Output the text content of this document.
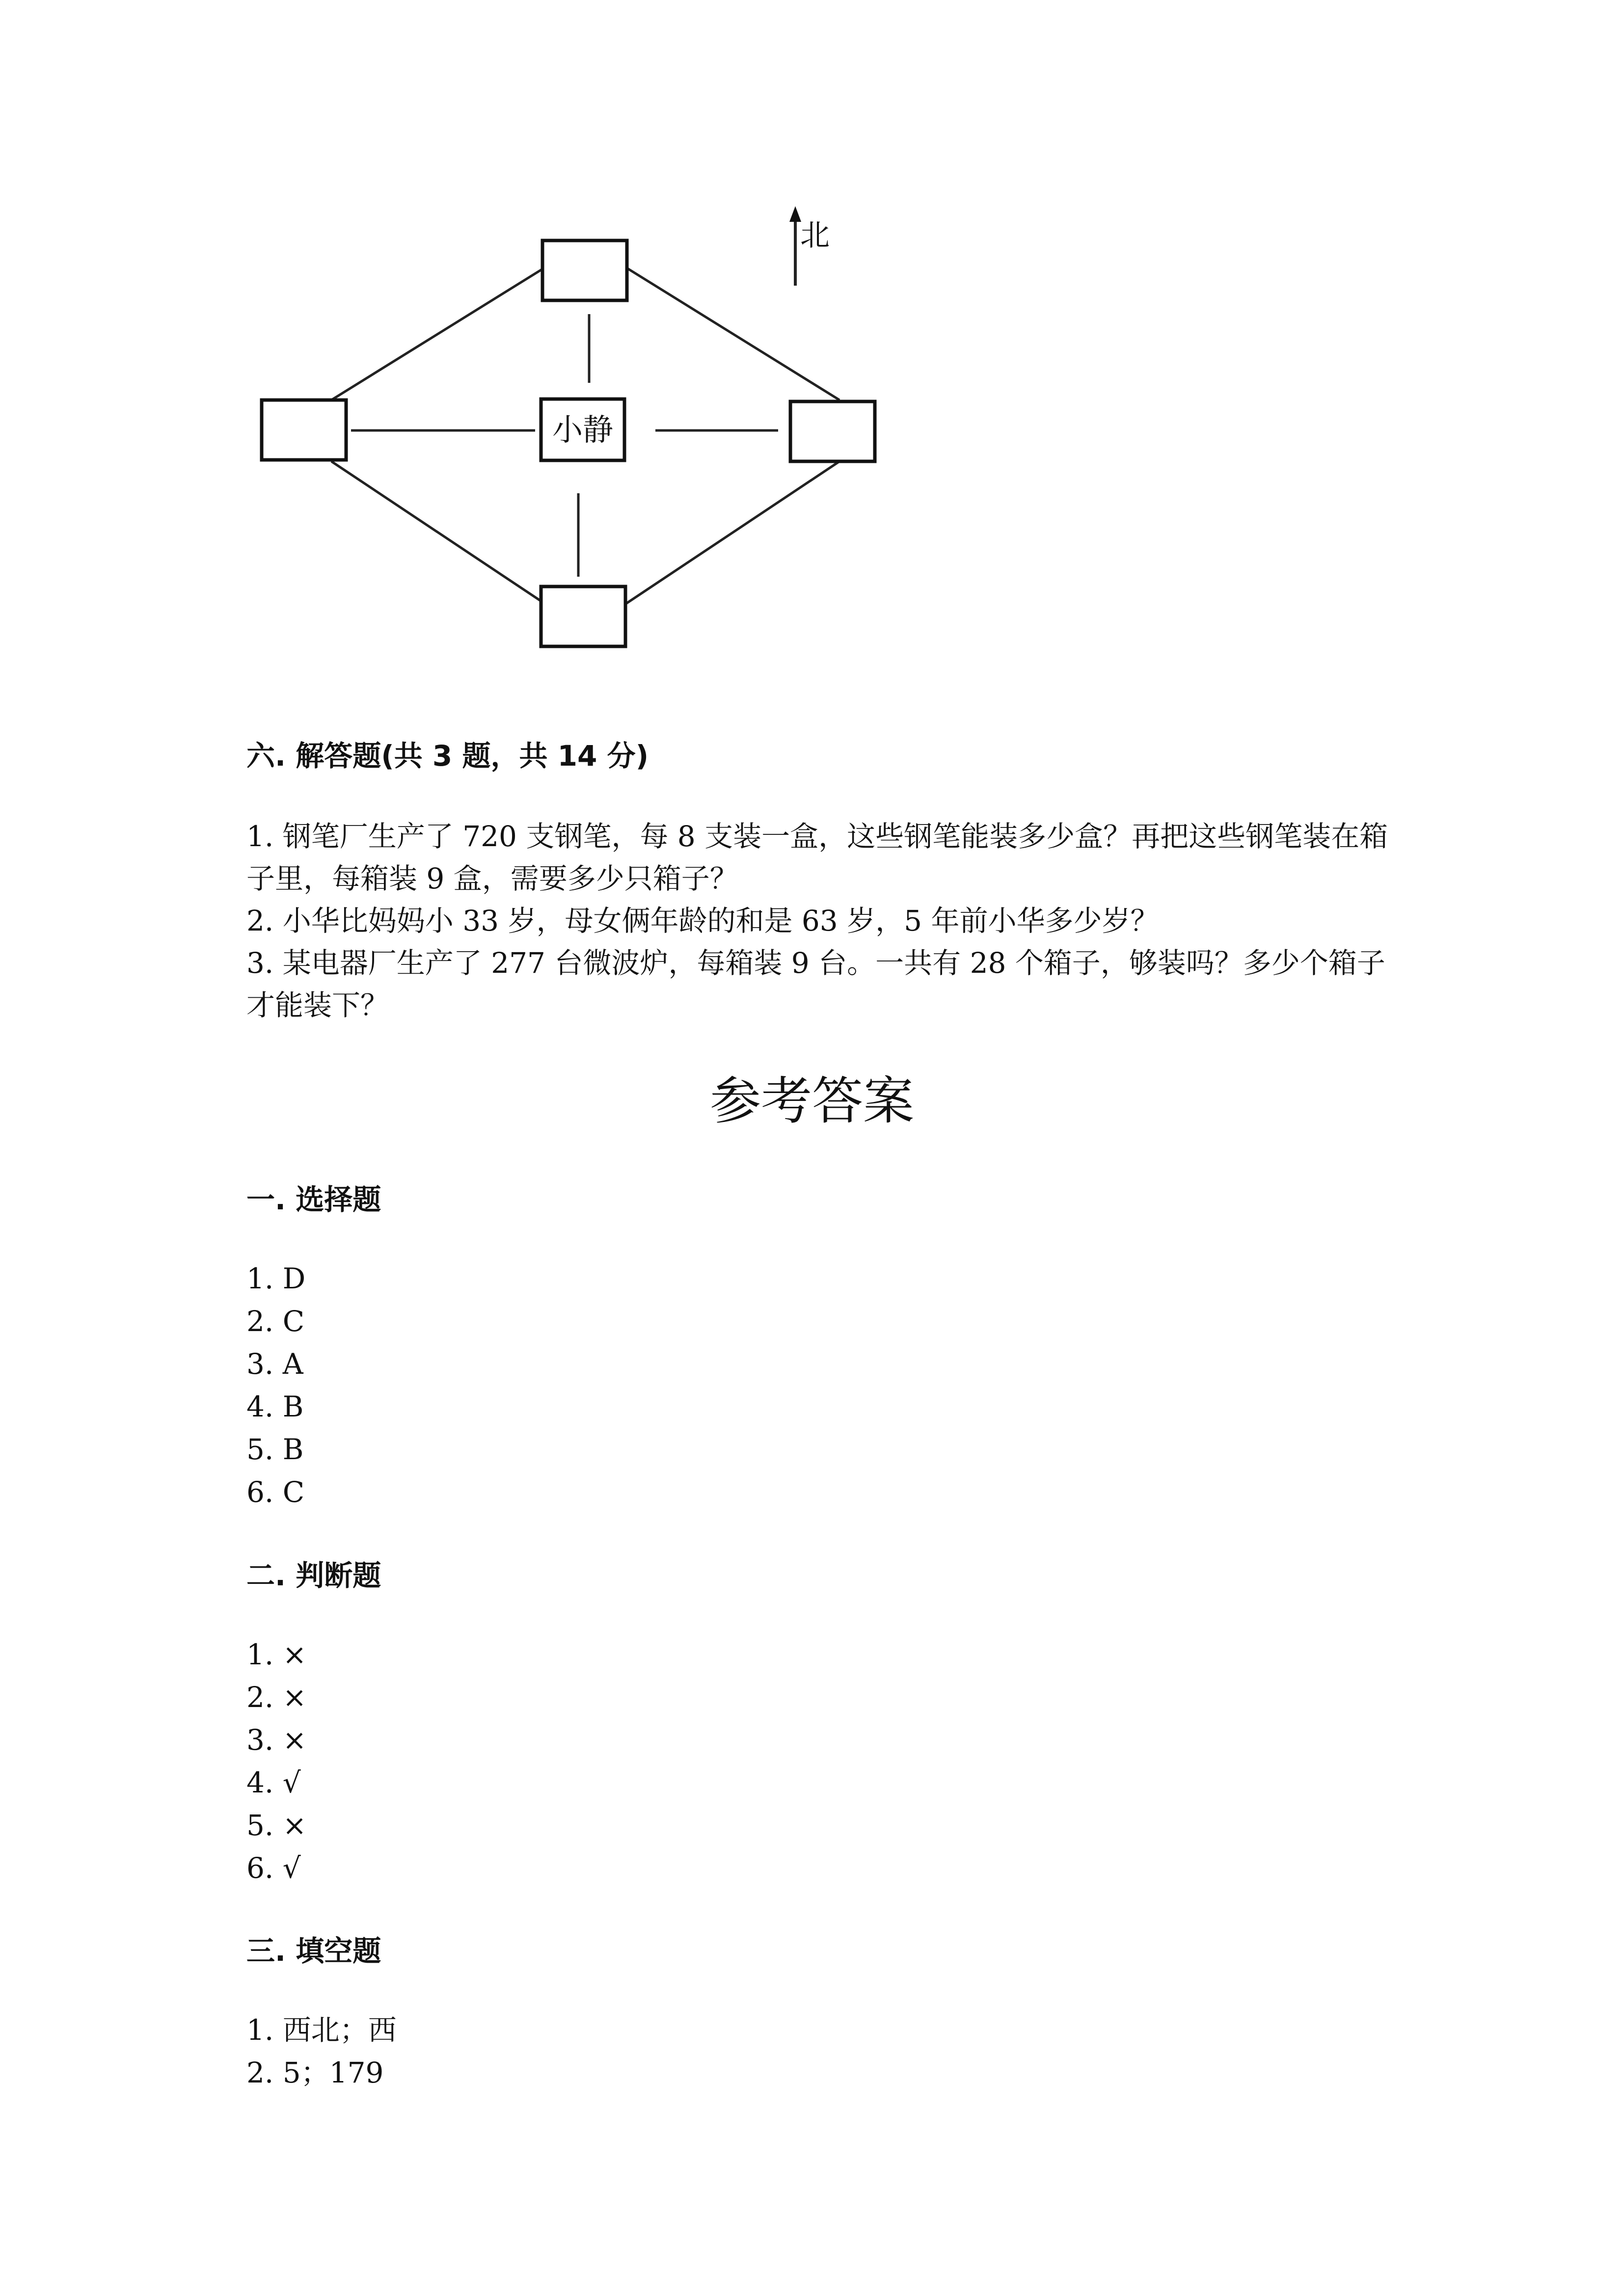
小静
北
六. 解答题(共 3 题，共 14 分)

1. 钢笔厂生产了 720 支钢笔，每 8 支装一盒，这些钢笔能装多少盒？再把这些钢笔装在箱子里，每箱装 9 盒，需要多少只箱子？

2. 小华比妈妈小 33 岁，母女俩年龄的和是 63 岁，5 年前小华多少岁？

3. 某电器厂生产了 277 台微波炉，每箱装 9 台。一共有 28 个箱子，够装吗？多少个箱子才能装下？

参考答案
一. 选择题
1. D
2. C
3. A
4. B
5. B
6. C
二. 判断题
1. ×
2. ×
3. ×
4. √
5. ×
6. √
三. 填空题
1. 西北；西
2. 5；179
